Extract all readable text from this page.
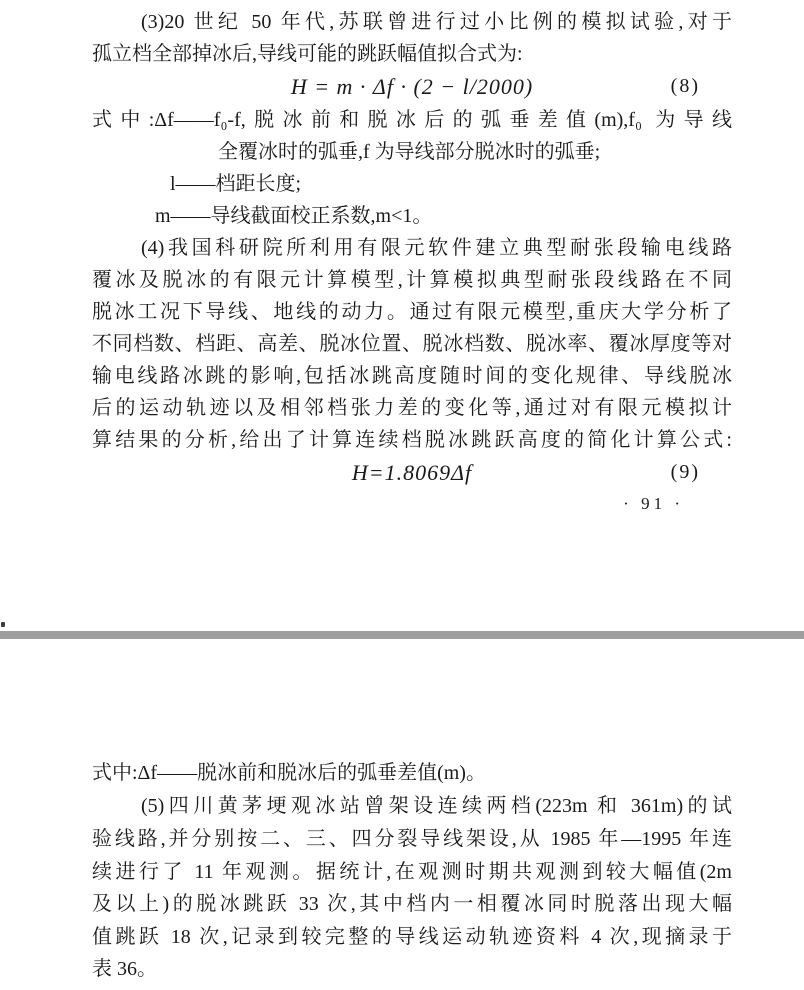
(3)20 世纪 50 年代,苏联曾进行过小比例的模拟试验,对于
孤立档全部掉冰后,导线可能的跳跃幅值拟合式为:
H = m · Δf · (2 − l/2000)	(8)
式中:Δf——f₀-f,脱冰前和脱冰后的弧垂差值(m),f₀ 为导线
全覆冰时的弧垂,f 为导线部分脱冰时的弧垂;
l——档距长度;
m——导线截面校正系数,m<1。
(4)我国科研院所利用有限元软件建立典型耐张段输电线路
覆冰及脱冰的有限元计算模型,计算模拟典型耐张段线路在不同
脱冰工况下导线、地线的动力。通过有限元模型,重庆大学分析了
不同档数、档距、高差、脱冰位置、脱冰档数、脱冰率、覆冰厚度等对
输电线路冰跳的影响,包括冰跳高度随时间的变化规律、导线脱冰
后的运动轨迹以及相邻档张力差的变化等,通过对有限元模拟计
算结果的分析,给出了计算连续档脱冰跳跃高度的简化计算公式:
H=1.8069Δf	(9)
· 91 ·
式中:Δf——脱冰前和脱冰后的弧垂差值(m)。
(5)四川黄茅埂观冰站曾架设连续两档(223m 和 361m)的试
验线路,并分别按二、三、四分裂导线架设,从 1985 年—1995 年连
续进行了 11 年观测。据统计,在观测时期共观测到较大幅值(2m
及以上)的脱冰跳跃 33 次,其中档内一相覆冰同时脱落出现大幅
值跳跃 18 次,记录到较完整的导线运动轨迹资料 4 次,现摘录于
表 36。
